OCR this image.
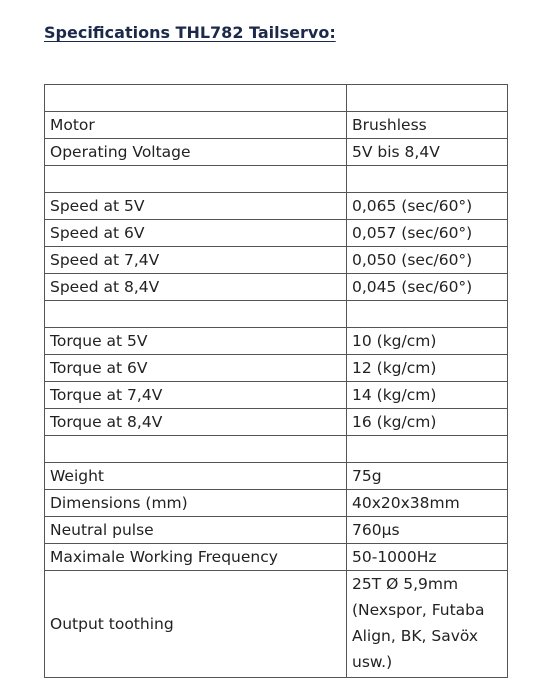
Specifications THL782 Tailservo:

Motor	Brushless
Operating Voltage	5V bis 8,4V

Speed at 5V	0,065 (sec/60°)
Speed at 6V	0,057 (sec/60°)
Speed at 7,4V	0,050 (sec/60°)
Speed at 8,4V	0,045 (sec/60°)

Torque at 5V	10 (kg/cm)
Torque at 6V	12 (kg/cm)
Torque at 7,4V	14 (kg/cm)
Torque at 8,4V	16 (kg/cm)

Weight	75g
Dimensions (mm)	40x20x38mm
Neutral pulse	760µs
Maximale Working Frequency	50-1000Hz
Output toothing	25T Ø 5,9mm
(Nexspor, Futaba
Align, BK, Savöx
usw.)
